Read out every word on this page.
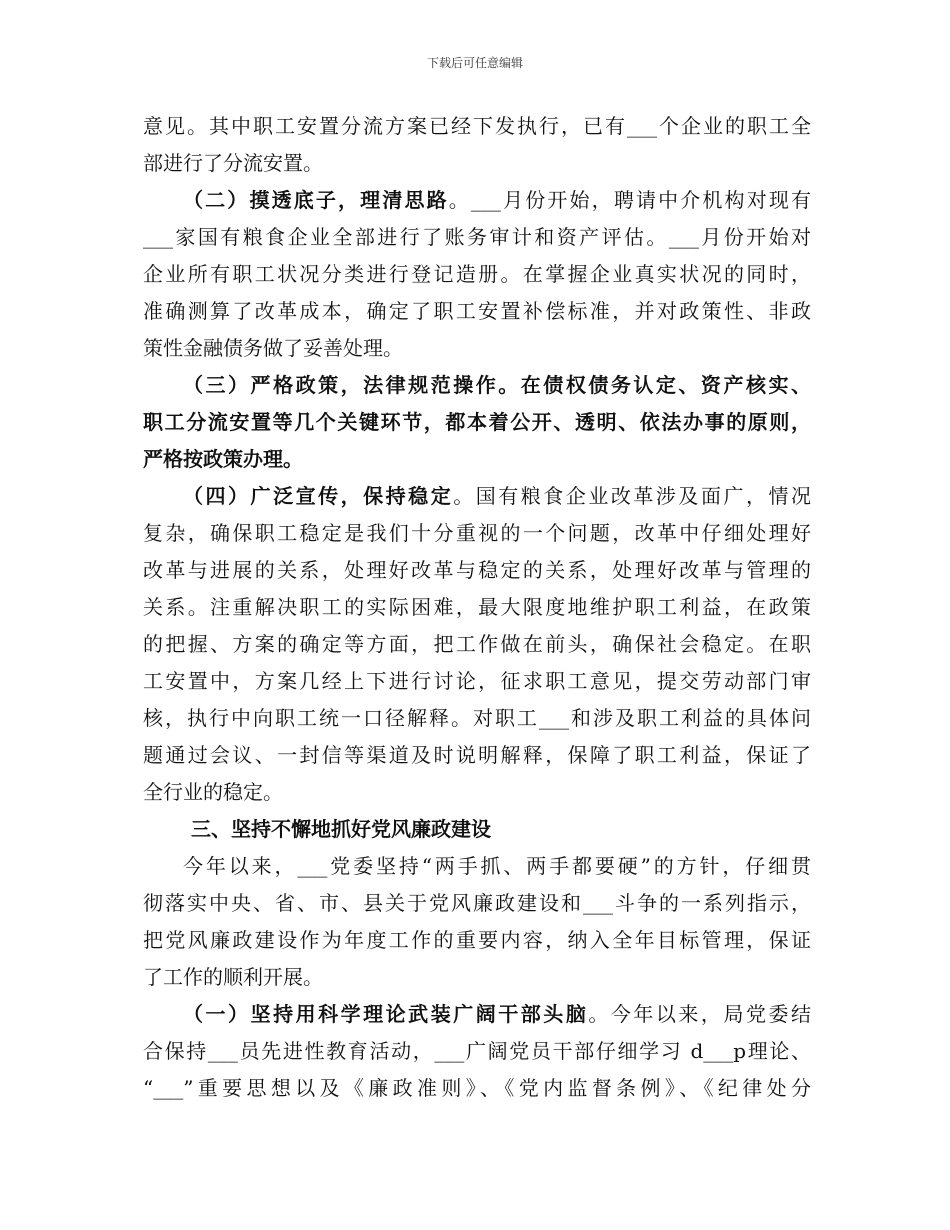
下载后可任意编辑
意见。其中职工安置分流方案已经下发执行，已有___个企业的职工全
部进行了分流安置。
（二）摸透底子，理清思路。___月份开始，聘请中介机构对现有
___家国有粮食企业全部进行了账务审计和资产评估。___月份开始对
企业所有职工状况分类进行登记造册。在掌握企业真实状况的同时，
准确测算了改革成本，确定了职工安置补偿标准，并对政策性、非政
策性金融债务做了妥善处理。
（三）严格政策，法律规范操作。在债权债务认定、资产核实、
职工分流安置等几个关键环节，都本着公开、透明、依法办事的原则，
严格按政策办理。
（四）广泛宣传，保持稳定。国有粮食企业改革涉及面广，情况
复杂，确保职工稳定是我们十分重视的一个问题，改革中仔细处理好
改革与进展的关系，处理好改革与稳定的关系，处理好改革与管理的
关系。注重解决职工的实际困难，最大限度地维护职工利益，在政策
的把握、方案的确定等方面，把工作做在前头，确保社会稳定。在职
工安置中，方案几经上下进行讨论，征求职工意见，提交劳动部门审
核，执行中向职工统一口径解释。对职工___和涉及职工利益的具体问
题通过会议、一封信等渠道及时说明解释，保障了职工利益，保证了
全行业的稳定。
三、坚持不懈地抓好党风廉政建设
今年以来，___党委坚持“两手抓、两手都要硬”的方针，仔细贯
彻落实中央、省、市、县关于党风廉政建设和___斗争的一系列指示，
把党风廉政建设作为年度工作的重要内容，纳入全年目标管理，保证
了工作的顺利开展。
（一）坚持用科学理论武装广阔干部头脑。今年以来，局党委结
合保持___员先进性教育活动，___广阔党员干部仔细学习 d___p理论、
“___”重要思想以及《廉政准则》、《党内监督条例》、《纪律处分
